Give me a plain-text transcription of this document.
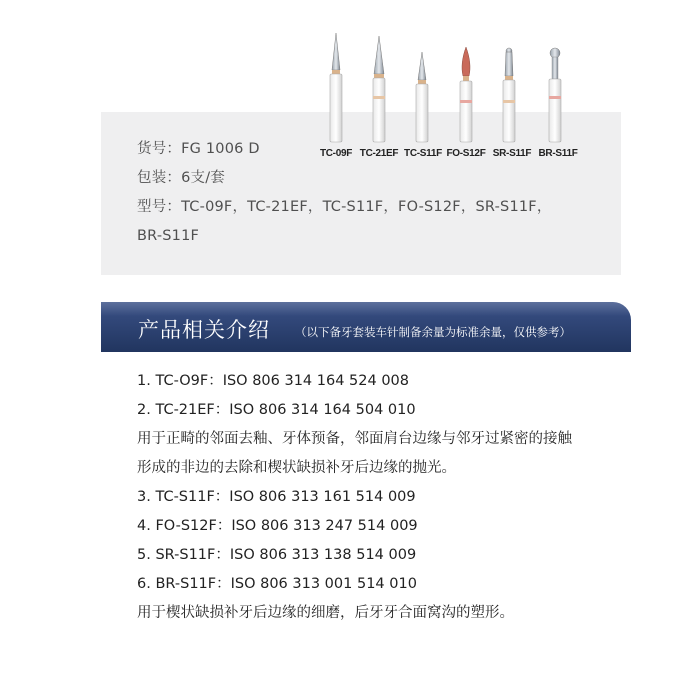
货号：FG 1006 D
包装：6支/套
型号：TC-09F，TC-21EF，TC-S11F，FO-S12F，SR-S11F，
BR-S11F
TC-09F TC-21EF TC-S11F FO-S12F SR-S11F BR-S11F
产品相关介绍 （以下备牙套装车针制备余量为标准余量，仅供参考）
1. TC-O9F：ISO 806 314 164 524 008
2. TC-21EF：ISO 806 314 164 504 010
用于正畸的邻面去釉、牙体预备，邻面肩台边缘与邻牙过紧密的接触
形成的非边的去除和楔状缺损补牙后边缘的抛光。
3. TC-S11F：ISO 806 313 161 514 009
4. FO-S12F：ISO 806 313 247 514 009
5. SR-S11F：ISO 806 313 138 514 009
6. BR-S11F：ISO 806 313 001 514 010
用于楔状缺损补牙后边缘的细磨，后牙牙合面窝沟的塑形。
